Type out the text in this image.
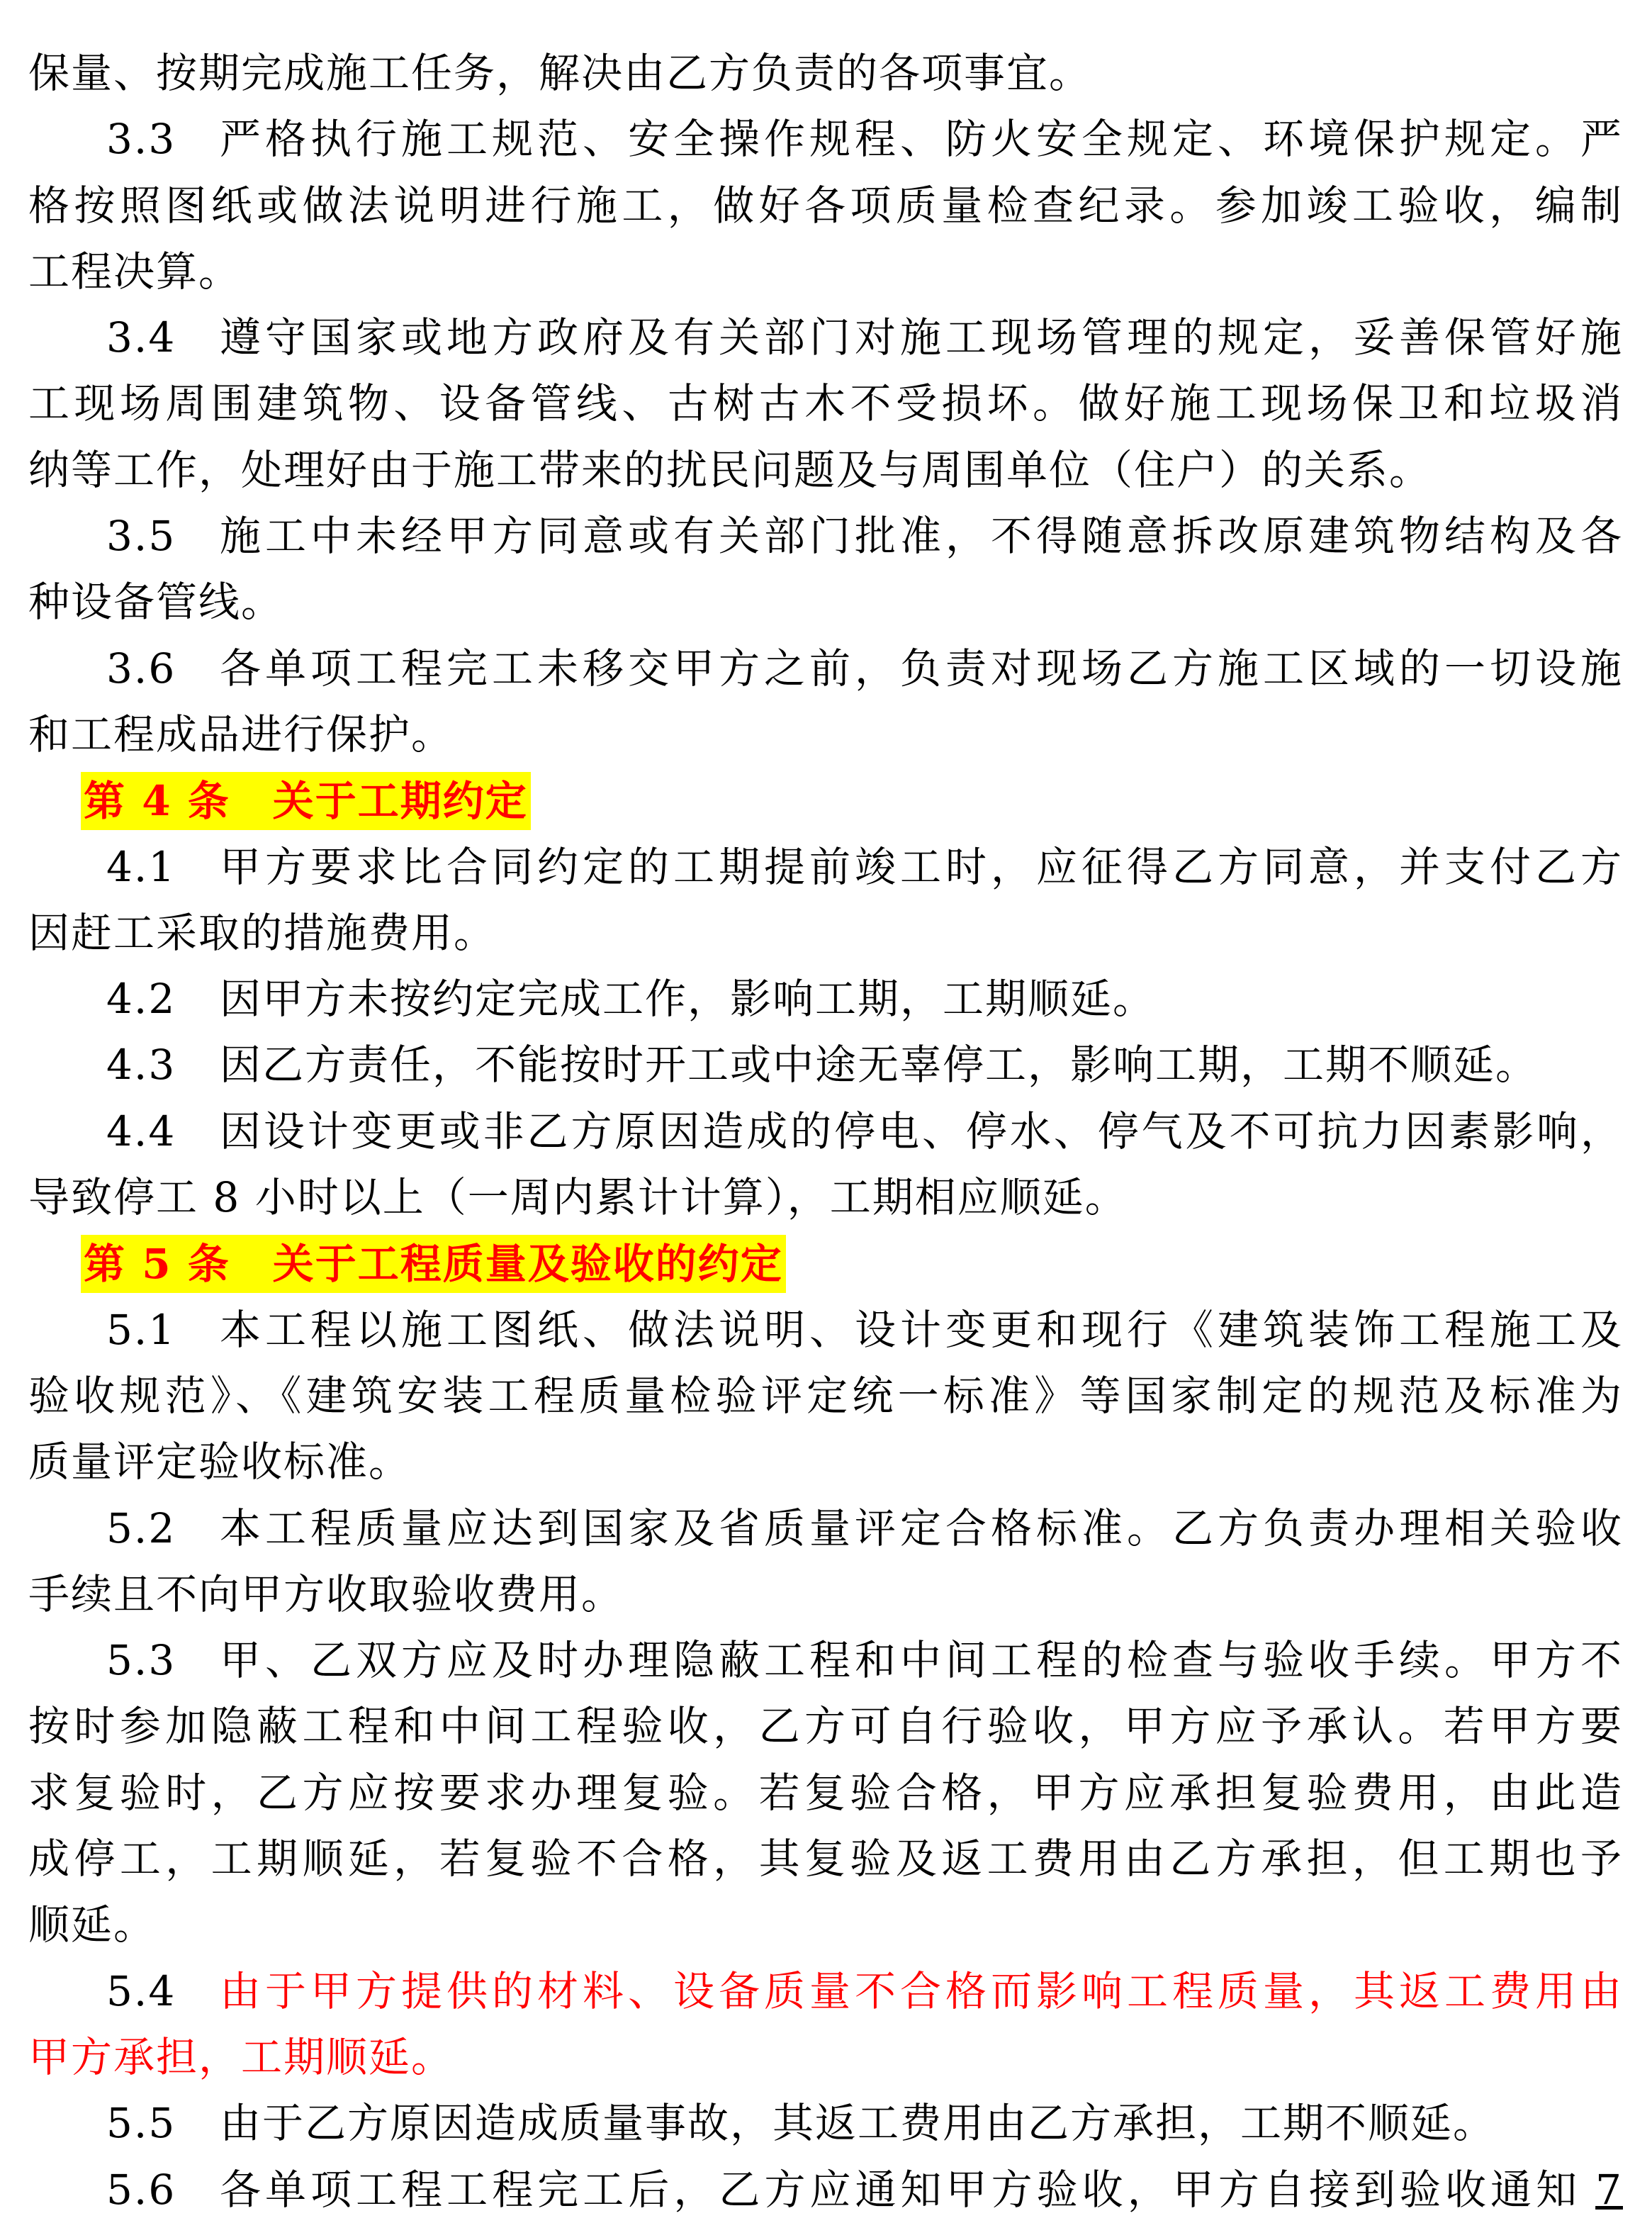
保量、按期完成施工任务，解决由乙方负责的各项事宜。
3.3	严格执行施工规范、安全操作规程、防火安全规定、环境保护规定。严
格按照图纸或做法说明进行施工，做好各项质量检查纪录。参加竣工验收，编制
工程决算。
3.4	遵守国家或地方政府及有关部门对施工现场管理的规定，妥善保管好施
工现场周围建筑物、设备管线、古树古木不受损坏。做好施工现场保卫和垃圾消
纳等工作，处理好由于施工带来的扰民问题及与周围单位（住户）的关系。
3.5	施工中未经甲方同意或有关部门批准，不得随意拆改原建筑物结构及各
种设备管线。
3.6	各单项工程完工未移交甲方之前，负责对现场乙方施工区域的一切设施
和工程成品进行保护。
第 4 条　关于工期约定
4.1	甲方要求比合同约定的工期提前竣工时，应征得乙方同意，并支付乙方
因赶工采取的措施费用。
4.2	因甲方未按约定完成工作，影响工期，工期顺延。
4.3	因乙方责任，不能按时开工或中途无辜停工，影响工期，工期不顺延。
4.4	因设计变更或非乙方原因造成的停电、停水、停气及不可抗力因素影响，
导致停工 8 小时以上（一周内累计计算），工期相应顺延。
第 5 条　关于工程质量及验收的约定
5.1	本工程以施工图纸、做法说明、设计变更和现行《建筑装饰工程施工及
验收规范》、《建筑安装工程质量检验评定统一标准》等国家制定的规范及标准为
质量评定验收标准。
5.2	本工程质量应达到国家及省质量评定合格标准。乙方负责办理相关验收
手续且不向甲方收取验收费用。
5.3	甲、乙双方应及时办理隐蔽工程和中间工程的检查与验收手续。甲方不
按时参加隐蔽工程和中间工程验收，乙方可自行验收，甲方应予承认。若甲方要
求复验时，乙方应按要求办理复验。若复验合格，甲方应承担复验费用，由此造
成停工，工期顺延，若复验不合格，其复验及返工费用由乙方承担，但工期也予
顺延。
5.4	由于甲方提供的材料、设备质量不合格而影响工程质量，其返工费用由
甲方承担，工期顺延。
5.5	由于乙方原因造成质量事故，其返工费用由乙方承担，工期不顺延。
5.6	各单项工程工程完工后，乙方应通知甲方验收，甲方自接到验收通知 7
